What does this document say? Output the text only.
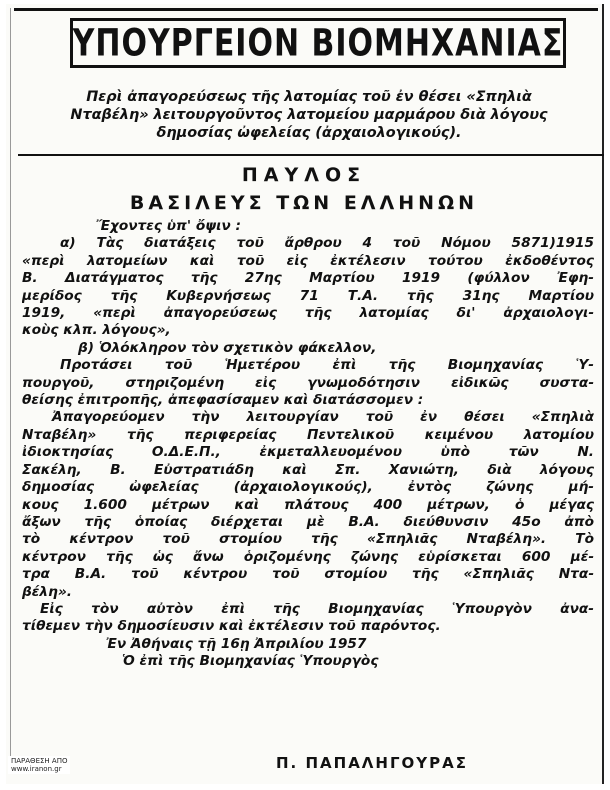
ΥΠΟΥΡΓΕΙΟΝ ΒΙΟΜΗΧΑΝΙΑΣ
Περὶ ἀπαγορεύσεως τῆς λατομίας τοῦ ἐν θέσει «Σπηλιὰ
Νταβέλη» λειτουργοῦντος λατομείου μαρμάρου διὰ λόγους
δημοσίας ὠφελείας (ἀρχαιολογικούς).
ΠΑΥΛΟΣ
ΒΑΣΙΛΕΥΣ ΤΩΝ ΕΛΛΗΝΩΝ
Ἔχοντες ὑπ' ὄψιν :
α) Τὰς διατάξεις τοῦ ἄρθρου 4 τοῦ Νόμου 5871)1915
«περὶ λατομείων καὶ τοῦ εἰς ἐκτέλεσιν τούτου ἐκδοθέντος
Β. Διατάγματος τῆς 27ης Μαρτίου 1919 (φύλλον Ἐφη-
μερίδος τῆς Κυβερνήσεως 71 Τ.Α. τῆς 31ης Μαρτίου
1919, «περὶ ἀπαγορεύσεως τῆς λατομίας δι' ἀρχαιολογι-
κοὺς κλπ. λόγους»,
β) Ὁλόκληρον τὸν σχετικὸν φάκελλον,
Προτάσει τοῦ Ἡμετέρου ἐπὶ τῆς Βιομηχανίας Ὑ-
πουργοῦ, στηριζομένη εἰς γνωμοδότησιν εἰδικῶς συστα-
θείσης ἐπιτροπῆς, ἀπεφασίσαμεν καὶ διατάσσομεν :
Ἀπαγορεύομεν τὴν λειτουργίαν τοῦ ἐν θέσει «Σπηλιὰ
Νταβέλη» τῆς περιφερείας Πεντελικοῦ κειμένου λατομίου
ἰδιοκτησίας Ο.Δ.Ε.Π., ἐκμεταλλευομένου ὑπὸ τῶν Ν.
Σακέλη, Β. Εὐστρατιάδη καὶ Σπ. Χανιώτη, διὰ λόγους
δημοσίας ὠφελείας (ἀρχαιολογικούς), ἐντὸς ζώνης μή-
κους 1.600 μέτρων καὶ πλάτους 400 μέτρων, ὁ μέγας
ἄξων τῆς ὁποίας διέρχεται μὲ Β.Α. διεύθυνσιν 45ο ἀπὸ
τὸ κέντρον τοῦ στομίου τῆς «Σπηλιᾶς Νταβέλη». Τὸ
κέντρον τῆς ὡς ἄνω ὁριζομένης ζώνης εὑρίσκεται 600 μέ-
τρα Β.Α. τοῦ κέντρου τοῦ στομίου τῆς «Σπηλιᾶς Ντα-
βέλη».
Εἰς τὸν αὐτὸν ἐπὶ τῆς Βιομηχανίας Ὑπουργὸν ἀνα-
τίθεμεν τὴν δημοσίευσιν καὶ ἐκτέλεσιν τοῦ παρόντος.
Ἐν Ἀθήναις τῇ 16ῃ Ἀπριλίου 1957
Ὁ ἐπὶ τῆς Βιομηχανίας Ὑπουργὸς
Π. ΠΑΠΑΛΗΓΟΥΡΑΣ
ΠΑΡΑΘΕΣΗ ΑΠΟ
www.iranon.gr
